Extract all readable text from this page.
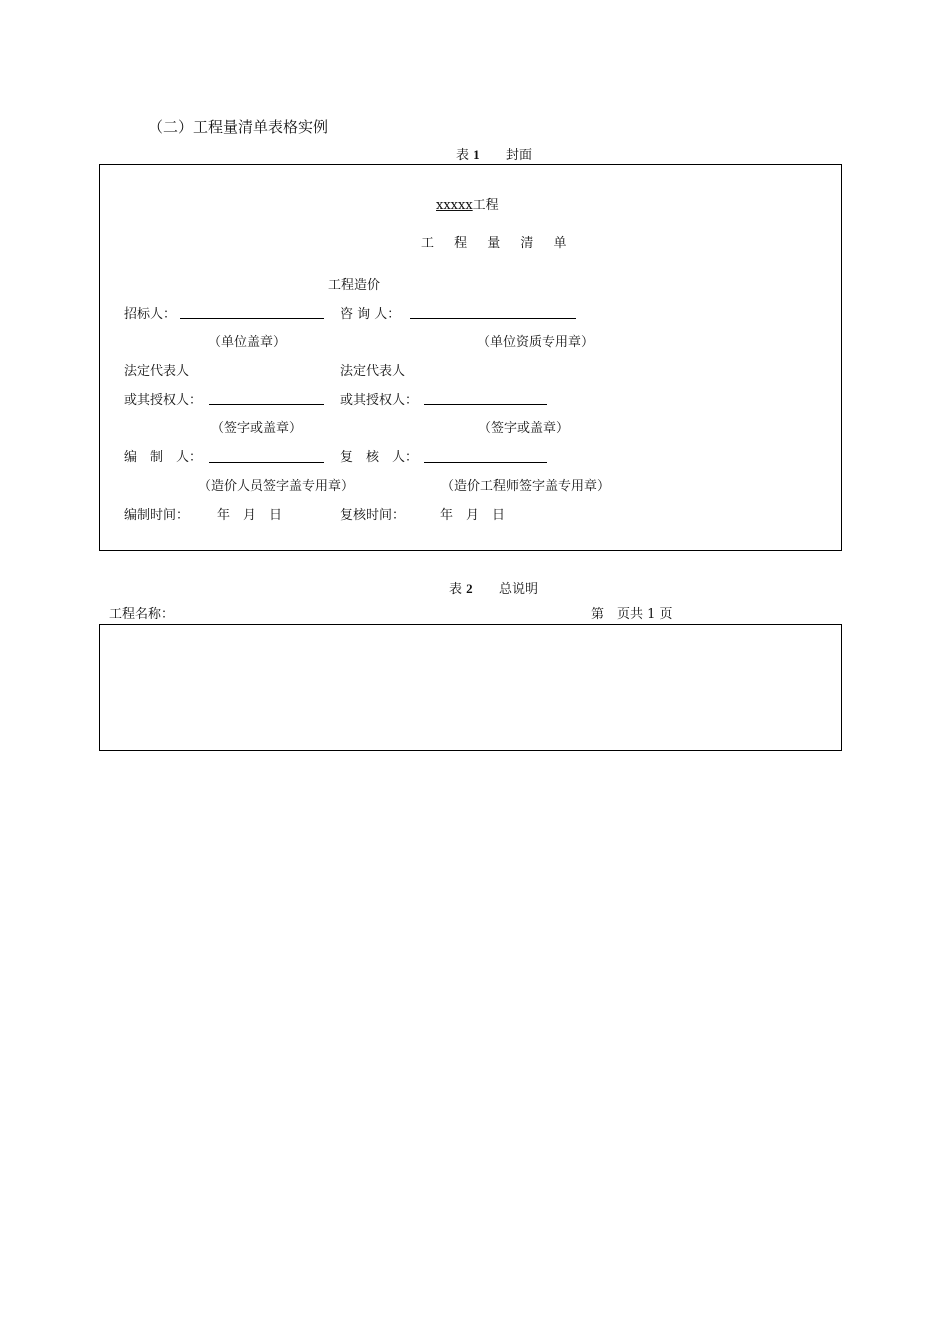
（二）工程量清单表格实例
表 1 封面
xxxxx工程
工 程 量 清 单
工程造价
招标人：	咨 询 人：
（单位盖章）	（单位资质专用章）
法定代表人	法定代表人
或其授权人：	或其授权人：
（签字或盖章）	（签字或盖章）
编　制　人：	复　核　人：
（造价人员签字盖专用章）	（造价工程师签字盖专用章）
编制时间： 年　月　日	复核时间：	年　月　日
表 2 总说明
工程名称：	第　页共 1 页
